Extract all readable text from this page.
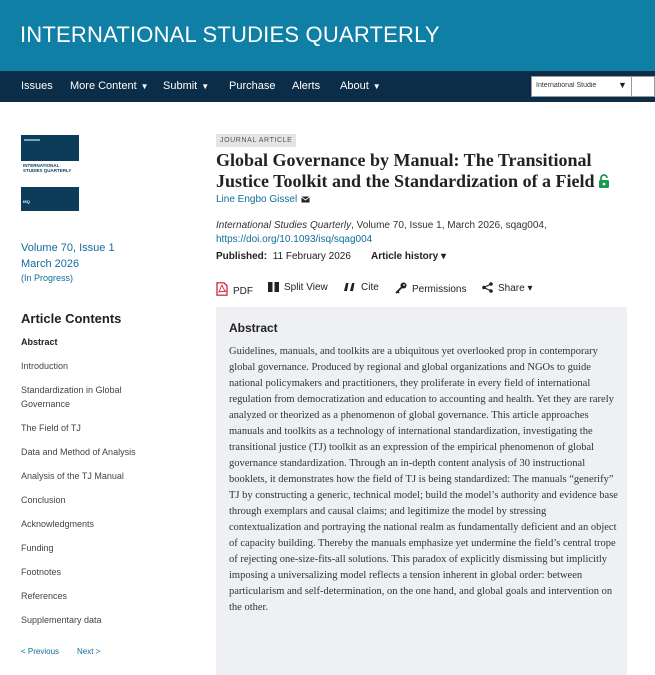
INTERNATIONAL STUDIES QUARTERLY
Issues More Content ▼ Submit ▼ Purchase Alerts About ▼	International Studie	▼
INTERNATIONAL STUDIES QUARTERLY
ISQ
Volume 70, Issue 1
March 2026
(In Progress)
Article Contents
Abstract
Introduction
Standardization in Global
Governance
The Field of TJ
Data and Method of Analysis
Analysis of the TJ Manual
Conclusion
Acknowledgments
Funding
Footnotes
References
Supplementary data
< Previous Next >
JOURNAL ARTICLE
Global Governance by Manual: The Transitional Justice Toolkit and the Standardization of a Field
Line Engbo Gissel
International Studies Quarterly, Volume 70, Issue 1, March 2026, sqag004,
https://doi.org/10.1093/isq/sqag004
Published: 11 February 2026 Article history ▾
PDF	Split View	Cite	Permissions	Share ▾
Abstract
Guidelines, manuals, and toolkits are a ubiquitous yet overlooked prop in contemporary global governance. Produced by regional and global organizations and NGOs to guide national policymakers and practitioners, they proliferate in every field of international regulation from democratization and education to accounting and health. Yet they are rarely analyzed or theorized as a phenomenon of global governance. This article approaches manuals and toolkits as a technology of international standardization, investigating the transitional justice (TJ) toolkit as an expression of the empirical phenomenon of global governance standardization. Through an in-depth content analysis of 30 instructional booklets, it demonstrates how the field of TJ is being standardized: The manuals “generify” TJ by constructing a generic, technical model; build the model’s authority and evidence base through exemplars and causal claims; and legitimize the model by stressing contextualization and portraying the national realm as fundamentally deficient and an object of capacity building. Thereby the manuals emphasize yet undermine the field’s central trope of rejecting one-size-fits-all solutions. This paradox of explicitly dismissing but implicitly imposing a universalizing model reflects a tension inherent in global order: between particularism and self-determination, on the one hand, and global goals and intervention on the other.
